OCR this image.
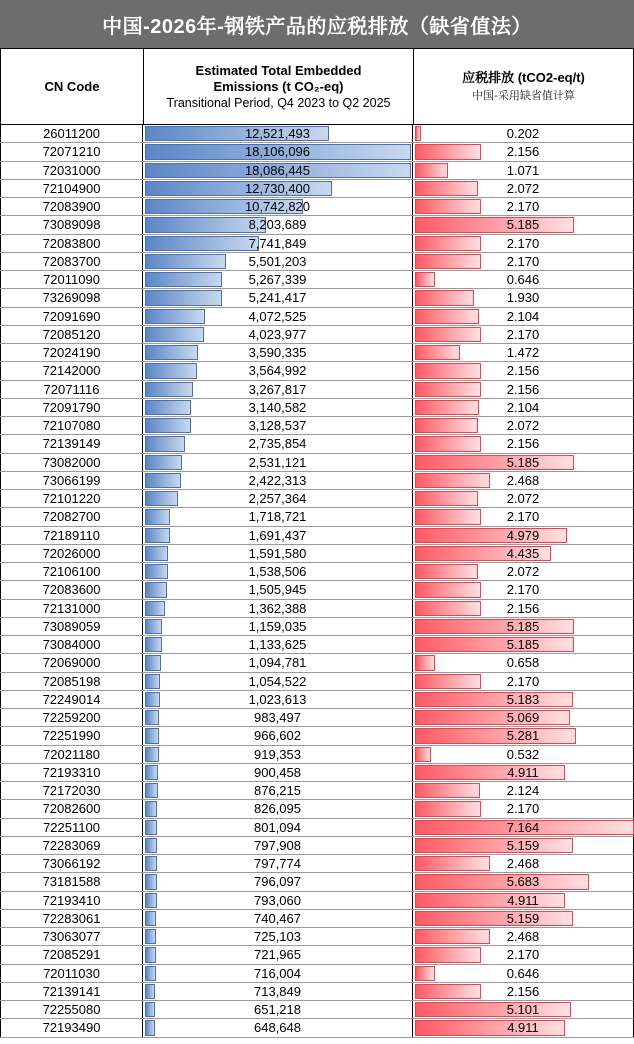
中国-2026年-钢铁产品的应税排放（缺省值法）
CN Code
Estimated Total Embedded
Emissions (t CO₂-eq)
Transitional Period, Q4 2023 to Q2 2025
应税排放 (tCO2-eq/t)
中国-采用缺省值计算
26011200	12,521,493	0.202
72071210	18,106,096	2.156
72031000	18,086,445	1.071
72104900	12,730,400	2.072
72083900	10,742,820	2.170
73089098	8,203,689	5.185
72083800	7,741,849	2.170
72083700	5,501,203	2.170
72011090	5,267,339	0.646
73269098	5,241,417	1.930
72091690	4,072,525	2.104
72085120	4,023,977	2.170
72024190	3,590,335	1.472
72142000	3,564,992	2.156
72071116	3,267,817	2.156
72091790	3,140,582	2.104
72107080	3,128,537	2.072
72139149	2,735,854	2.156
73082000	2,531,121	5.185
73066199	2,422,313	2.468
72101220	2,257,364	2.072
72082700	1,718,721	2.170
72189110	1,691,437	4.979
72026000	1,591,580	4.435
72106100	1,538,506	2.072
72083600	1,505,945	2.170
72131000	1,362,388	2.156
73089059	1,159,035	5.185
73084000	1,133,625	5.185
72069000	1,094,781	0.658
72085198	1,054,522	2.170
72249014	1,023,613	5.183
72259200	983,497	5.069
72251990	966,602	5.281
72021180	919,353	0.532
72193310	900,458	4.911
72172030	876,215	2.124
72082600	826,095	2.170
72251100	801,094	7.164
72283069	797,908	5.159
73066192	797,774	2.468
73181588	796,097	5.683
72193410	793,060	4.911
72283061	740,467	5.159
73063077	725,103	2.468
72085291	721,965	2.170
72011030	716,004	0.646
72139141	713,849	2.156
72255080	651,218	5.101
72193490	648,648	4.911
